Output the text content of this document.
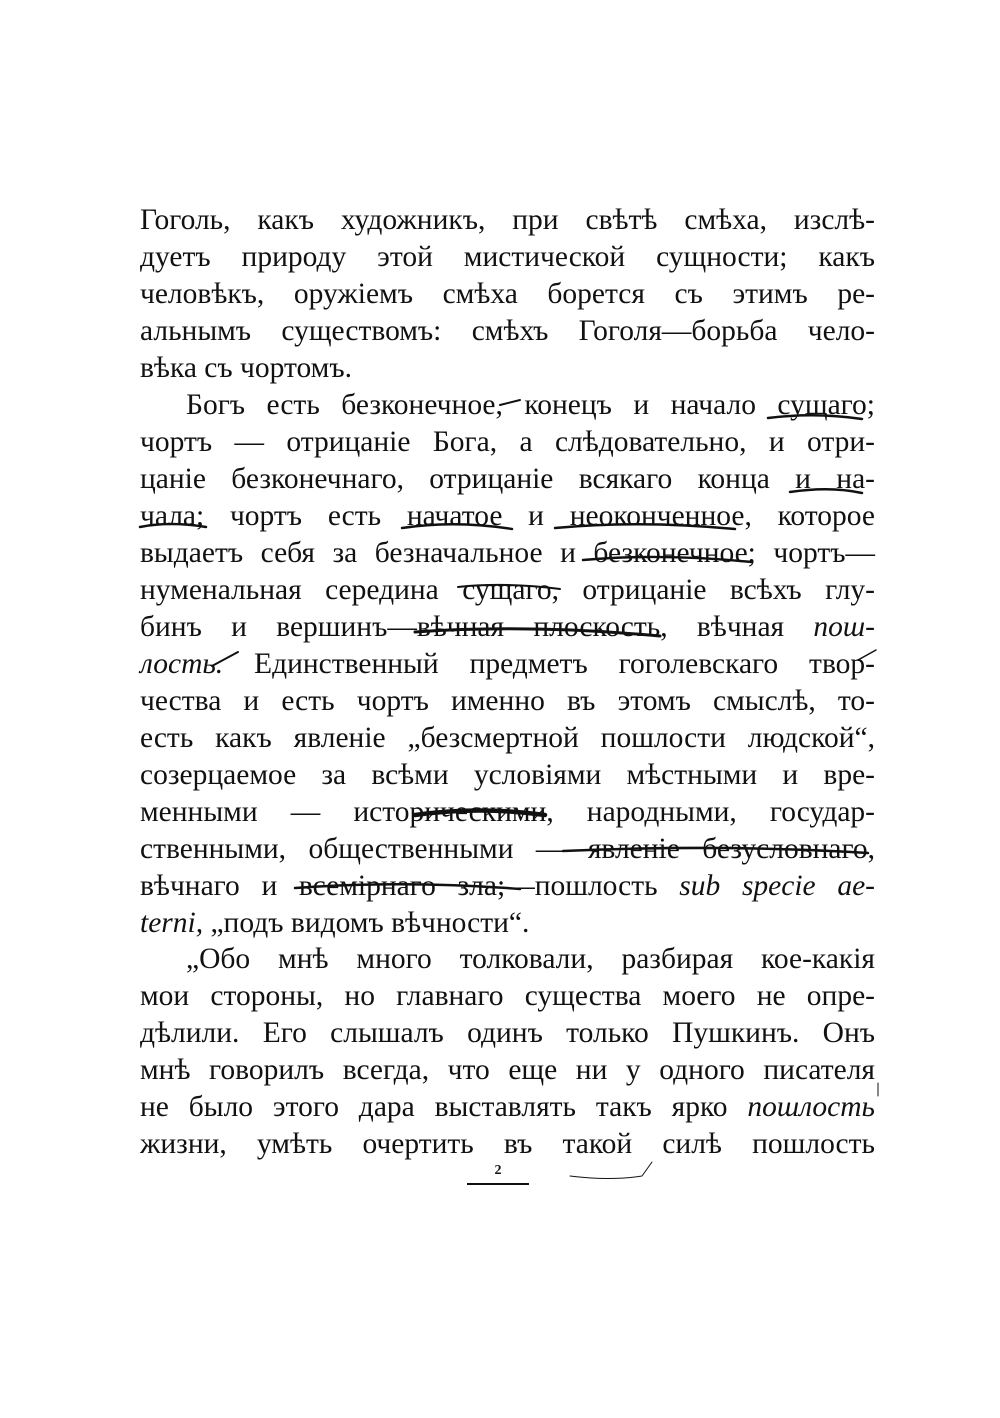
Гоголь, какъ художникъ, при свѣтѣ смѣха, изслѣ-
дуетъ природу этой мистической сущности; какъ
человѣкъ, оружіемъ смѣха борется съ этимъ ре-
альнымъ существомъ: смѣхъ Гоголя—борьба чело-
вѣка съ чортомъ.
Богъ есть безконечное, конецъ и начало сущаго;
чортъ — отрицаніе Бога, а слѣдовательно, и отри-
цаніе безконечнаго, отрицаніе всякаго конца и на-
чала; чортъ есть начатое и неоконченное, которое
выдаетъ себя за безначальное и безконечное; чортъ—
нуменальная середина сущаго, отрицаніе всѣхъ глу-
бинъ и вершинъ—вѣчная плоскость, вѣчная пош-
лость. Единственный предметъ гоголевскаго твор-
чества и есть чортъ именно въ этомъ смыслѣ, то-
есть какъ явленіе „безсмертной пошлости людской“,
созерцаемое за всѣми условіями мѣстными и вре-
менными — историческими, народными, государ-
ственными, общественными — явленіе безусловнаго,
вѣчнаго и всемірнаго зла;—пошлость sub specie ae-
terni, „подъ видомъ вѣчности“.
„Обо мнѣ много толковали, разбирая кое-какія
мои стороны, но главнаго существа моего не опре-
дѣлили. Его слышалъ одинъ только Пушкинъ. Онъ
мнѣ говорилъ всегда, что еще ни у одного писателя
не было этого дара выставлять такъ ярко пошлость
жизни, умѣть очертить въ такой силѣ пошлость
2
